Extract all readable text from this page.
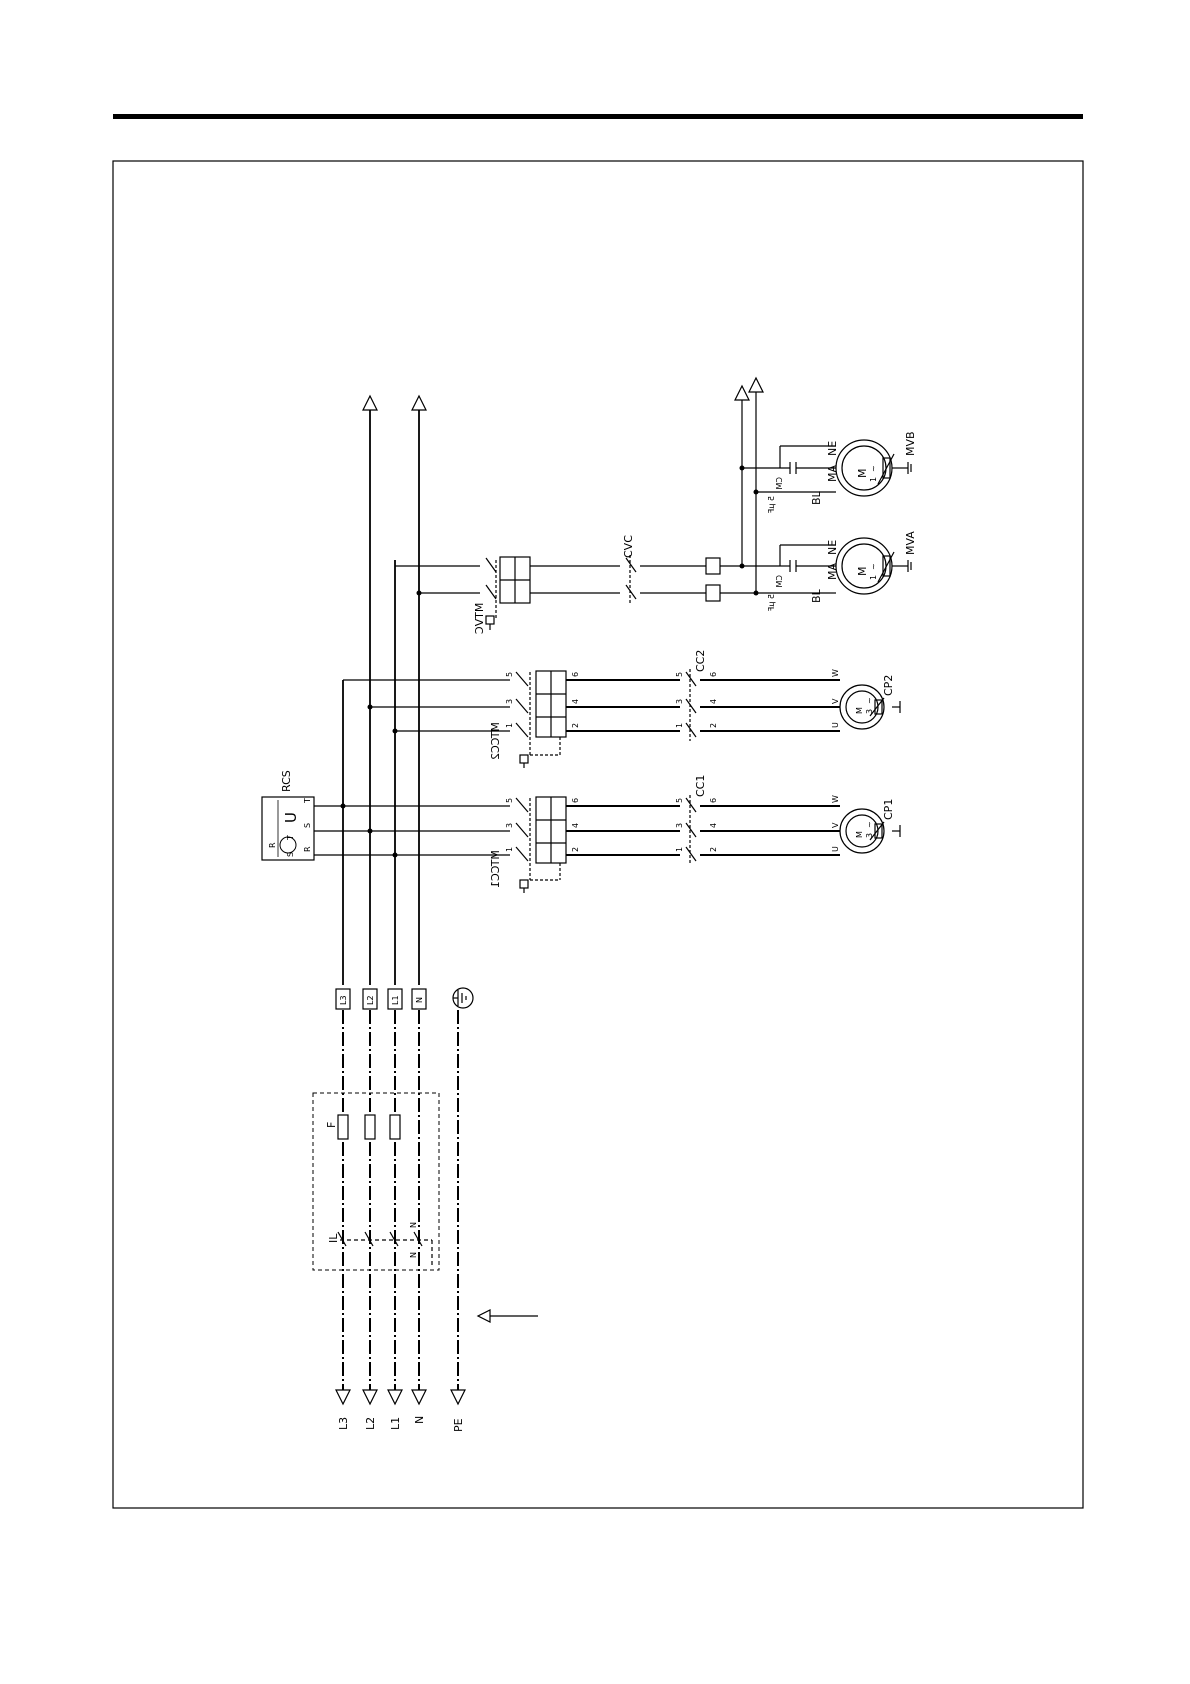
L3 L2 L1 N
F
IL
N
N
L3 L2 L1 N PE
RCS
U
R
S
T
T
S
R
5
3
1
6
4
2
5
3
1
6
4
2
W
V
U
MTCC1
CC1
M 3
~
CP1
5
3
1
6
4
2
5
3
1
6
4
2
W
V
U
MTCC2
CC2
M 3
~
CP2
MTVC
CVC
CM
5 µF
NE
MA
BL
M ~
1
MVA
CM
5 µF
NE
MA
BL
M ~
1
MVB
